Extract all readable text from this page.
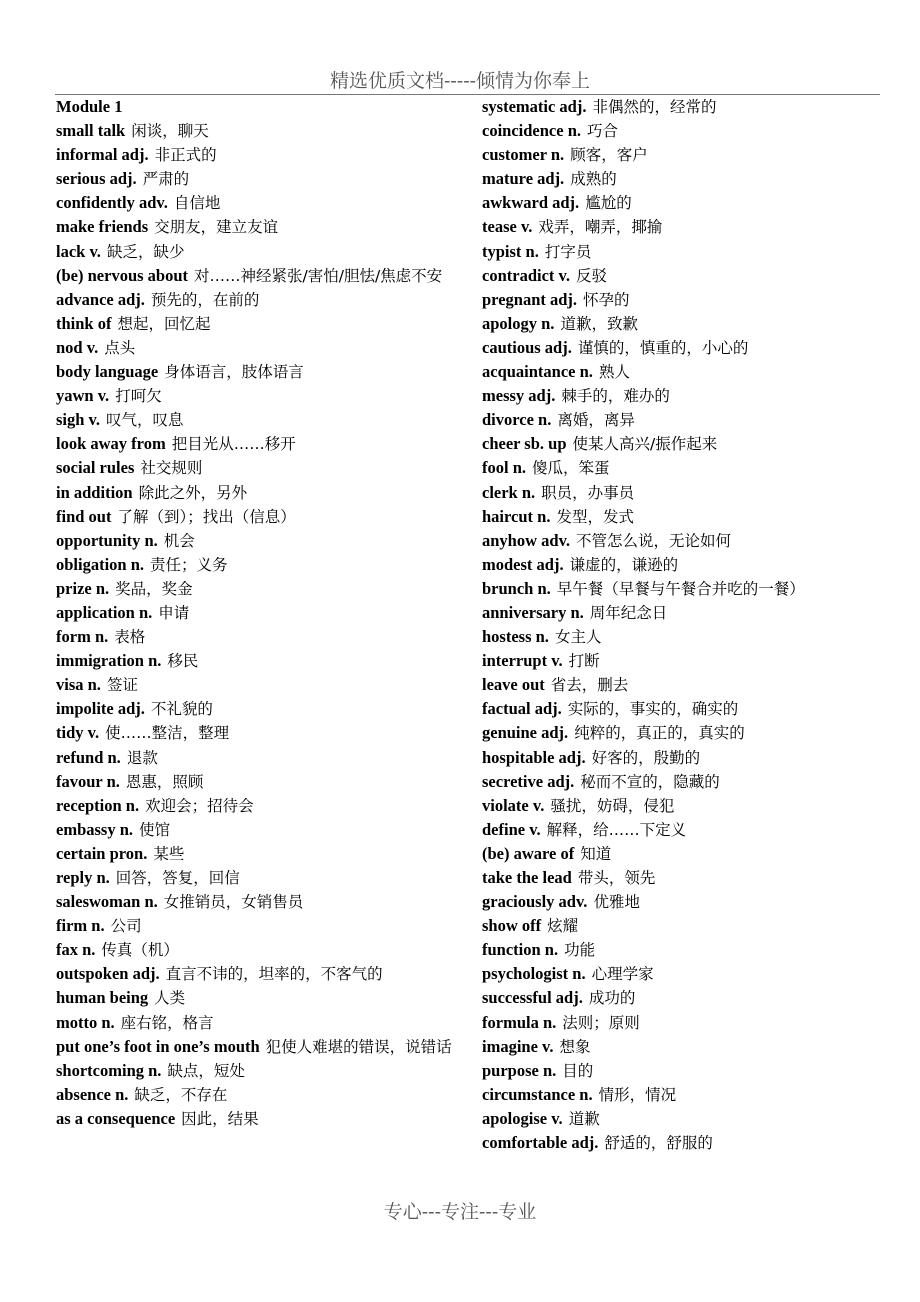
精选优质文档-----倾情为你奉上
Module 1
small talk 闲谈，聊天
informal adj. 非正式的
serious adj. 严肃的
confidently adv. 自信地
make friends 交朋友，建立友谊
lack v. 缺乏，缺少
(be) nervous about 对……神经紧张/害怕/胆怯/焦虑不安
advance adj. 预先的，在前的
think of 想起，回忆起
nod v. 点头
body language 身体语言，肢体语言
yawn v. 打呵欠
sigh v. 叹气，叹息
look away from 把目光从……移开
social rules 社交规则
in addition 除此之外，另外
find out 了解（到）；找出（信息）
opportunity n. 机会
obligation n. 责任；义务
prize n. 奖品，奖金
application n. 申请
form n. 表格
immigration n. 移民
visa n. 签证
impolite adj. 不礼貌的
tidy v. 使……整洁，整理
refund n. 退款
favour n. 恩惠，照顾
reception n. 欢迎会；招待会
embassy n. 使馆
certain pron. 某些
reply n. 回答，答复，回信
saleswoman n. 女推销员，女销售员
firm n. 公司
fax n. 传真（机）
outspoken adj. 直言不讳的，坦率的，不客气的
human being 人类
motto n. 座右铭，格言
put one’s foot in one’s mouth 犯使人难堪的错误，说错话
shortcoming n. 缺点，短处
absence n. 缺乏，不存在
as a consequence 因此，结果
systematic adj. 非偶然的，经常的
coincidence n. 巧合
customer n. 顾客，客户
mature adj. 成熟的
awkward adj. 尴尬的
tease v. 戏弄，嘲弄，揶揄
typist n. 打字员
contradict v. 反驳
pregnant adj. 怀孕的
apology n. 道歉，致歉
cautious adj. 谨慎的，慎重的，小心的
acquaintance n. 熟人
messy adj. 棘手的，难办的
divorce n. 离婚，离异
cheer sb. up 使某人高兴/振作起来
fool n. 傻瓜，笨蛋
clerk n. 职员，办事员
haircut n. 发型，发式
anyhow adv. 不管怎么说，无论如何
modest adj. 谦虚的，谦逊的
brunch n. 早午餐（早餐与午餐合并吃的一餐）
anniversary n. 周年纪念日
hostess n. 女主人
interrupt v. 打断
leave out 省去，删去
factual adj. 实际的，事实的，确实的
genuine adj. 纯粹的，真正的，真实的
hospitable adj. 好客的，殷勤的
secretive adj. 秘而不宣的，隐藏的
violate v. 骚扰，妨碍，侵犯
define v. 解释，给……下定义
(be) aware of 知道
take the lead 带头，领先
graciously adv. 优雅地
show off 炫耀
function n. 功能
psychologist n. 心理学家
successful adj. 成功的
formula n. 法则；原则
imagine v. 想象
purpose n. 目的
circumstance n. 情形，情况
apologise v. 道歉
comfortable adj. 舒适的，舒服的
专心---专注---专业
